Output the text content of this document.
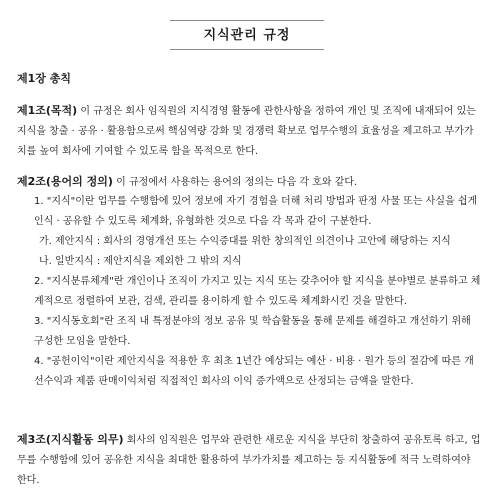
지식관리 규정
제1장 총칙
제1조(목적) 이 규정은 회사 임직원의 지식경영 활동에 관한사항을 정하여 개인 및 조직에 내재되어 있는 지식을 창출 · 공유 · 활용함으로써 핵심역량 강화 및 경쟁력 확보로 업무수행의 효율성을 제고하고 부가가치를 높여 회사에 기여할 수 있도록 함을 목적으로 한다.
제2조(용어의 정의) 이 규정에서 사용하는 용어의 정의는 다음 각 호와 같다.
1. "지식"이란 업무를 수행함에 있어 정보에 자기 경험을 더해 처리 방법과 판정 사물 또는 사실을 쉽게 인식 · 공유할 수 있도록 체계화, 유형화한 것으로 다음 각 목과 같이 구분한다.
가. 제안지식 : 회사의 경영개선 또는 수익증대를 위한 창의적인 의견이나 고안에 해당하는 지식
나. 일반지식 : 제안지식을 제외한 그 밖의 지식
2. "지식분류체계"란 개인이나 조직이 가지고 있는 지식 또는 갖추어야 할 지식을 분야별로 분류하고 체계적으로 정렬하여 보관, 검색, 관리를 용이하게 할 수 있도록 체계화시킨 것을 말한다.
3. "지식동호회"란 조직 내 특정분야의 정보 공유 및 학습활동을 통해 문제를 해결하고 개선하기 위해 구성한 모임을 말한다.
4. "공헌이익"이란 제안지식을 적용한 후 최초 1년간 예상되는 예산 · 비용 · 원가 등의 절감에 따른 개선수익과 제품 판매이익처럼 직접적인 회사의 이익 증가액으로 산정되는 금액을 말한다.
제3조(지식활동 의무) 회사의 임직원은 업무와 관련한 새로운 지식을 부단히 창출하여 공유토록 하고, 업무를 수행함에 있어 공유한 지식을 최대한 활용하여 부가가치를 제고하는 등 지식활동에 적극 노력하여야 한다.
